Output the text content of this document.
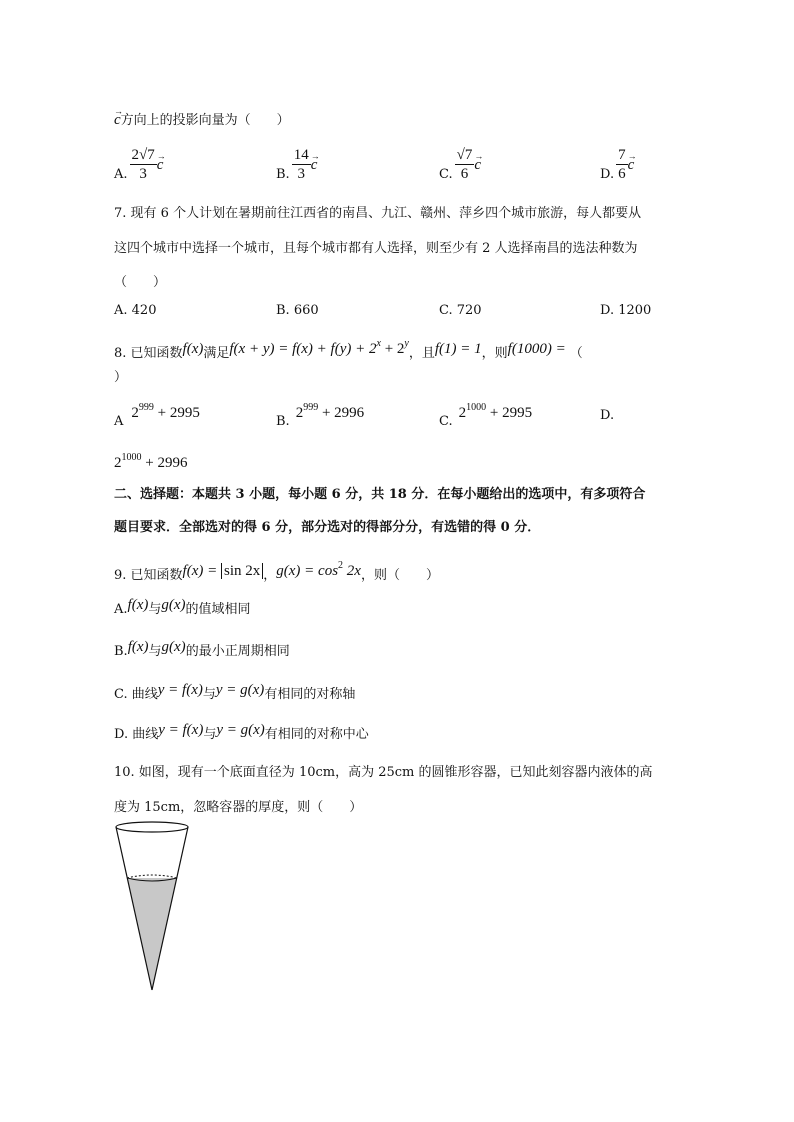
→ c方向上的投影向量为（　　）
A. $\frac{2√7}{3}$
→ c
B. $\frac{14}{3}$
→ c
C. $\frac{√7}{6}$
→ c
D. $\frac{7}{6}$
→ c
7. 现有 6 个人计划在暑期前往江西省的南昌、九江、赣州、萍乡四个城市旅游，每人都要从
这四个城市中选择一个城市，且每个城市都有人选择，则至少有 2 人选择南昌的选法种数为
（　　）
A. 420	B. 660	C. 720	D. 1200
8. 已知函数f(x)满足$f(x + y) = f(x) + f(y) + 2^x + 2^y$，且f(1) = 1，则f(1000) = （
）
$A2^{999} + 2995$
$B.2^{999} + 2996$
$C.2^{1000} + 2995$	D.
$2^{1000} + 2996$
二、选择题：本题共 3 小题，每小题 6 分，共 18 分．在每小题给出的选项中，有多项符合
题目要求．全部选对的得 6 分，部分选对的得部分分，有选错的得 0 分．
9. 已知函数f(x) = sin 2x ，$g(x) = \cos^2 2x$，则（　　）
A.f(x)与g(x)的值域相同
B.f(x)与g(x)的最小正周期相同
C. 曲线y = f(x)与y = g(x)有相同的对称轴
D. 曲线y = f(x)与y = g(x)有相同的对称中心
10. 如图，现有一个底面直径为 10cm，高为 25cm 的圆锥形容器，已知此刻容器内液体的高
度为 15cm，忽略容器的厚度，则（　　）
